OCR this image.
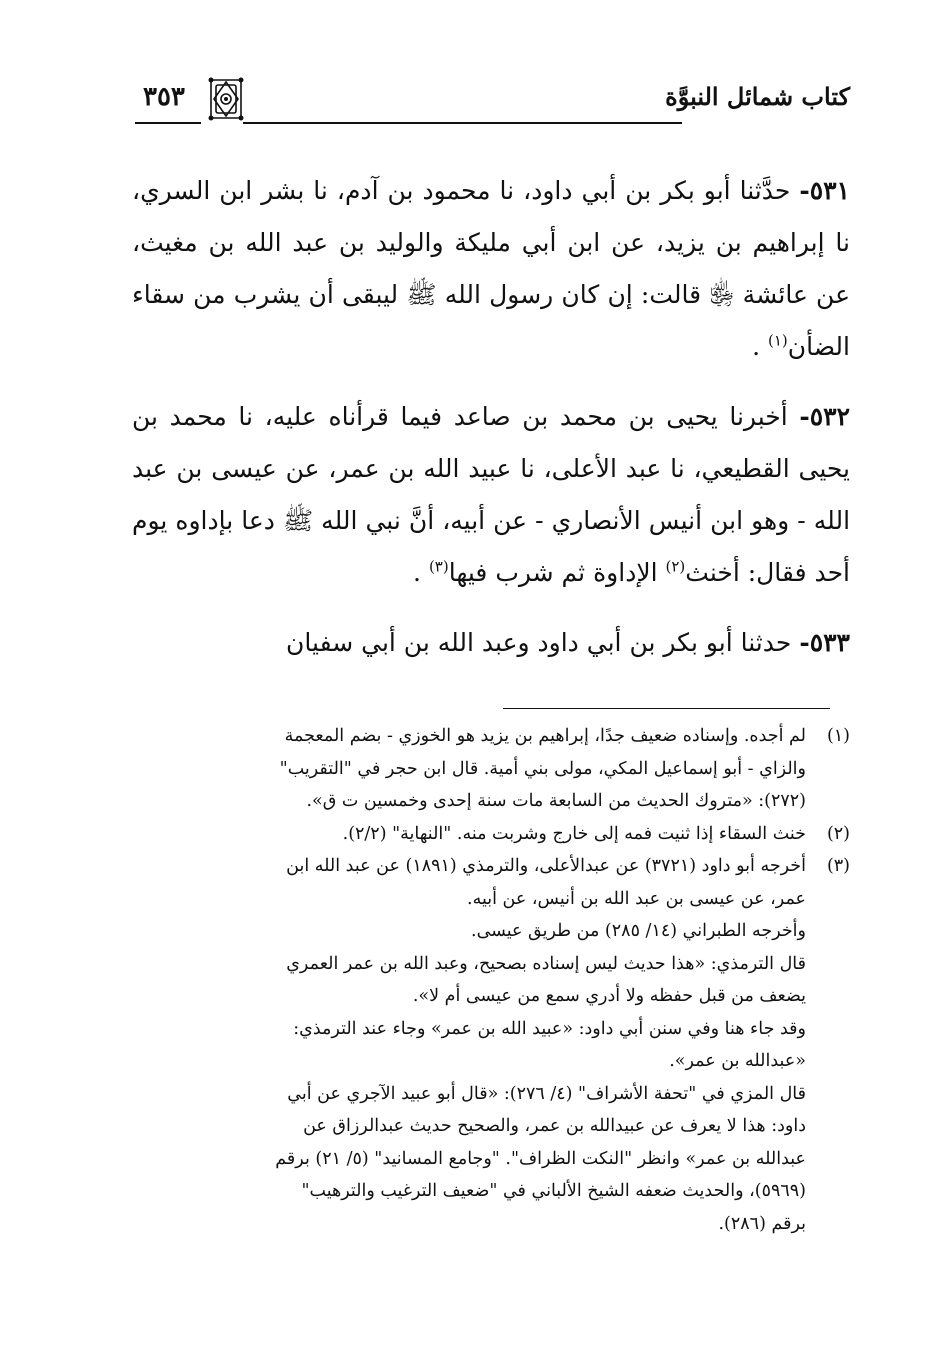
كتاب شمائل النبوَّة
٣٥٣

٥٣١- حدَّثنا أبو بكر بن أبي داود، نا محمود بن آدم، نا بشر ابن السري، نا إبراهيم بن يزيد، عن ابن أبي مليكة والوليد بن عبد الله بن مغيث، عن عائشة ﵂ قالت: إن كان رسول الله ﷺ ليبقى أن يشرب من سقاء الضأن$^{(١)}$ .

٥٣٢- أخبرنا يحيى بن محمد بن صاعد فيما قرأناه عليه، نا محمد بن يحيى القطيعي، نا عبد الأعلى، نا عبيد الله بن عمر، عن عيسى بن عبد الله - وهو ابن أنيس الأنصاري - عن أبيه، أنَّ نبي الله ﷺ دعا بإداوه يوم أحد فقال: أخنث$^{(٢)}$ الإداوة ثم شرب فيها$^{(٣)}$ .

٥٣٣- حدثنا أبو بكر بن أبي داود وعبد الله بن أبي سفيان

(١)
لم أجده. وإسناده ضعيف جدًا، إبراهيم بن يزيد هو الخوزي - بضم المعجمة
والزاي - أبو إسماعيل المكي، مولى بني أمية. قال ابن حجر في "التقريب"
(٢٧٢): «متروك الحديث من السابعة مات سنة إحدى وخمسين ت ق».
(٢)
خنث السقاء إذا ثنيت فمه إلى خارج وشربت منه. "النهاية" (٢/٢).
(٣)
أخرجه أبو داود (٣٧٢١) عن عبدالأعلى، والترمذي (١٨٩١) عن عبد الله ابن
عمر، عن عيسى بن عبد الله بن أنيس، عن أبيه.
وأخرجه الطبراني (١٤/ ٢٨٥) من طريق عيسى.
قال الترمذي: «هذا حديث ليس إسناده بصحيح، وعبد الله بن عمر العمري
يضعف من قبل حفظه ولا أدري سمع من عيسى أم لا».
وقد جاء هنا وفي سنن أبي داود: «عبيد الله بن عمر» وجاء عند الترمذي:
«عبدالله بن عمر».
قال المزي في "تحفة الأشراف" (٤/ ٢٧٦): «قال أبو عبيد الآجري عن أبي
داود: هذا لا يعرف عن عبيدالله بن عمر، والصحيح حديث عبدالرزاق عن
عبدالله بن عمر» وانظر "النكت الظراف". "وجامع المسانيد" (٥/ ٢١) برقم
(٥٩٦٩)، والحديث ضعفه الشيخ الألباني في "ضعيف الترغيب والترهيب"
برقم (٢٨٦).
